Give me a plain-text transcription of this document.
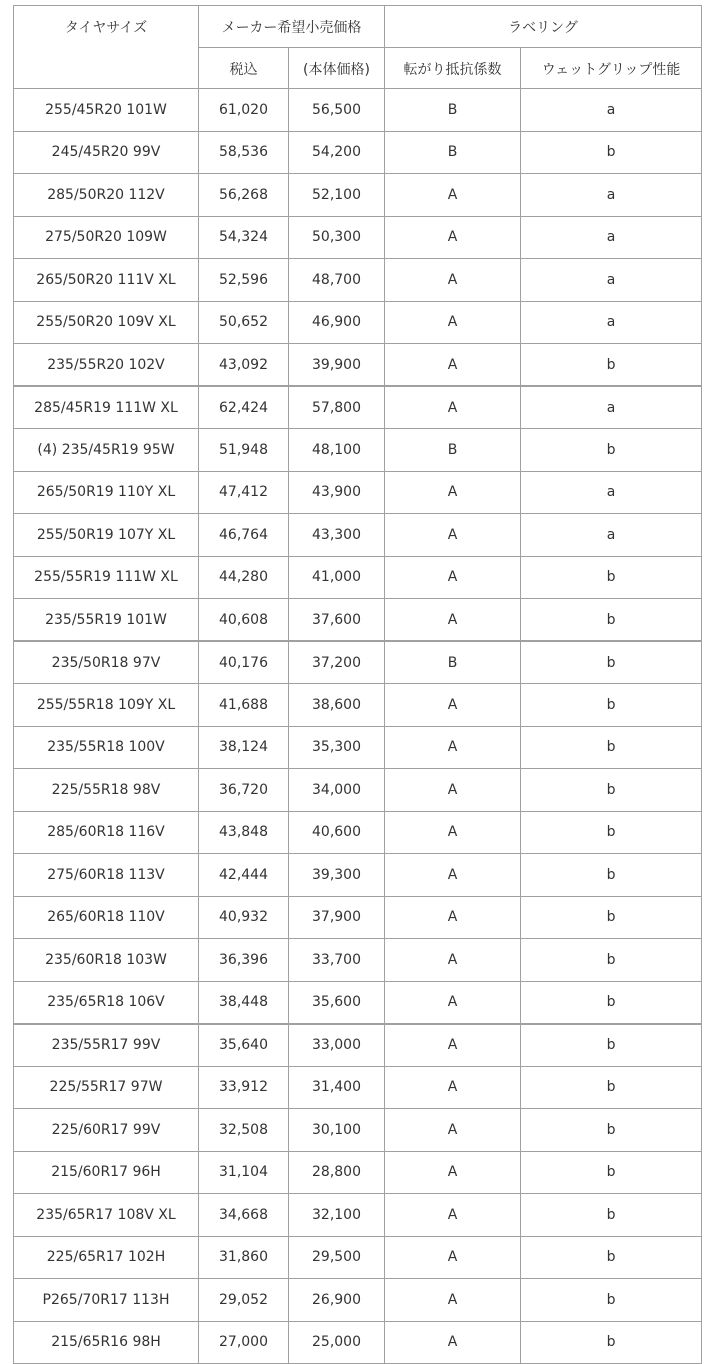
タイヤサイズ	メーカー希望小売価格		ラベリング	
	税込	(本体価格)	転がり抵抗係数	ウェットグリップ性能
255/45R20 101W	61,020	56,500	B	a
245/45R20 99V	58,536	54,200	B	b
285/50R20 112V	56,268	52,100	A	a
275/50R20 109W	54,324	50,300	A	a
265/50R20 111V XL	52,596	48,700	A	a
255/50R20 109V XL	50,652	46,900	A	a
235/55R20 102V	43,092	39,900	A	b
285/45R19 111W XL	62,424	57,800	A	a
(4) 235/45R19 95W	51,948	48,100	B	b
265/50R19 110Y XL	47,412	43,900	A	a
255/50R19 107Y XL	46,764	43,300	A	a
255/55R19 111W XL	44,280	41,000	A	b
235/55R19 101W	40,608	37,600	A	b
235/50R18 97V	40,176	37,200	B	b
255/55R18 109Y XL	41,688	38,600	A	b
235/55R18 100V	38,124	35,300	A	b
225/55R18 98V	36,720	34,000	A	b
285/60R18 116V	43,848	40,600	A	b
275/60R18 113V	42,444	39,300	A	b
265/60R18 110V	40,932	37,900	A	b
235/60R18 103W	36,396	33,700	A	b
235/65R18 106V	38,448	35,600	A	b
235/55R17 99V	35,640	33,000	A	b
225/55R17 97W	33,912	31,400	A	b
225/60R17 99V	32,508	30,100	A	b
215/60R17 96H	31,104	28,800	A	b
235/65R17 108V XL	34,668	32,100	A	b
225/65R17 102H	31,860	29,500	A	b
P265/70R17 113H	29,052	26,900	A	b
215/65R16 98H	27,000	25,000	A	b
